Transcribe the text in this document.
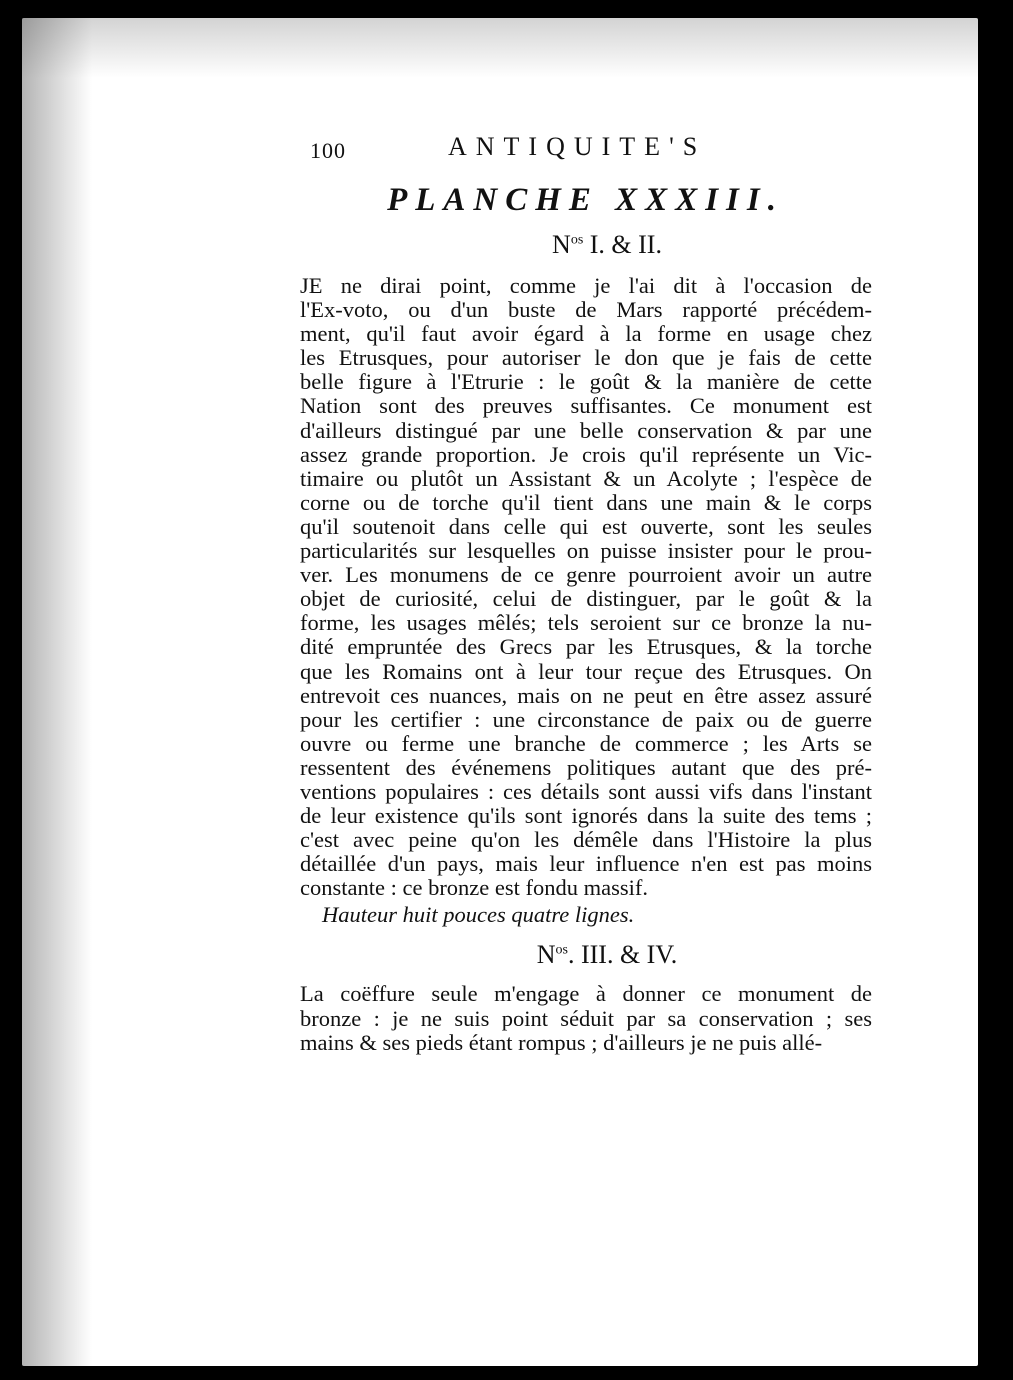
100	ANTIQUITE'S
PLANCHE XXXIII.
$N^{os}$ I. & II.

JE ne dirai point, comme je l'ai dit à l'occasion de
l'Ex-voto, ou d'un buste de Mars rapporté précédem-
ment, qu'il faut avoir égard à la forme en usage chez
les Etrusques, pour autoriser le don que je fais de cette
belle figure à l'Etrurie : le goût & la manière de cette
Nation sont des preuves suffisantes. Ce monument est
d'ailleurs distingué par une belle conservation & par une
assez grande proportion. Je crois qu'il représente un Vic-
timaire ou plutôt un Assistant & un Acolyte ; l'espèce de
corne ou de torche qu'il tient dans une main & le corps
qu'il soutenoit dans celle qui est ouverte, sont les seules
particularités sur lesquelles on puisse insister pour le prou-
ver. Les monumens de ce genre pourroient avoir un autre
objet de curiosité, celui de distinguer, par le goût & la
forme, les usages mêlés; tels seroient sur ce bronze la nu-
dité empruntée des Grecs par les Etrusques, & la torche
que les Romains ont à leur tour reçue des Etrusques. On
entrevoit ces nuances, mais on ne peut en être assez assuré
pour les certifier : une circonstance de paix ou de guerre
ouvre ou ferme une branche de commerce ; les Arts se
ressentent des événemens politiques autant que des pré-
ventions populaires : ces détails sont aussi vifs dans l'instant
de leur existence qu'ils sont ignorés dans la suite des tems ;
c'est avec peine qu'on les démêle dans l'Histoire la plus
détaillée d'un pays, mais leur influence n'en est pas moins
constante : ce bronze est fondu massif.

Hauteur huit pouces quatre lignes.
$N^{os}$. III. & IV.

La coëffure seule m'engage à donner ce monument de
bronze : je ne suis point séduit par sa conservation ; ses
mains & ses pieds étant rompus ; d'ailleurs je ne puis allé-
